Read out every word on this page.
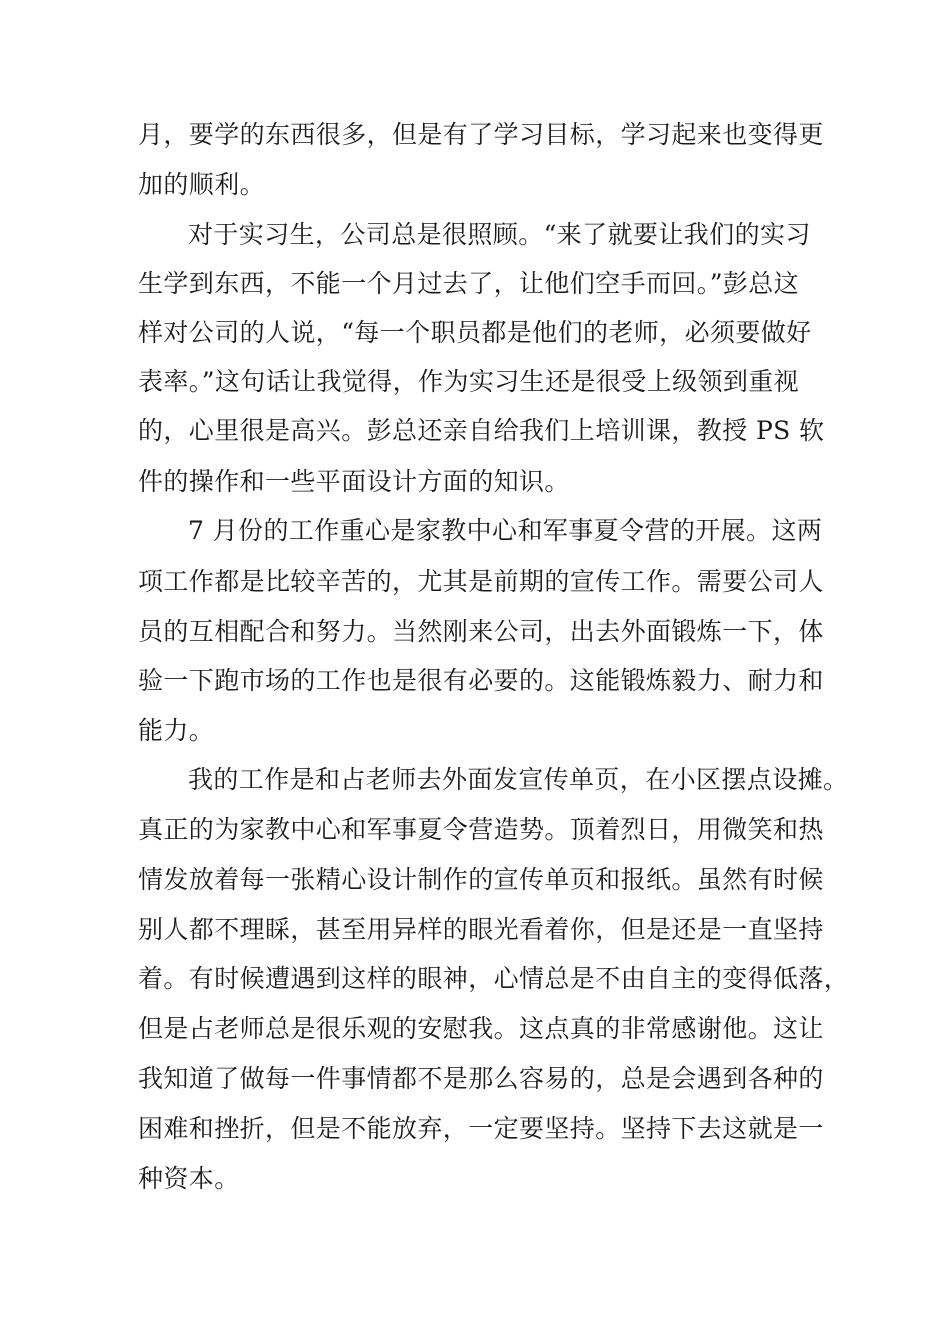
月，要学的东西很多，但是有了学习目标，学习起来也变得更
加的顺利。
对于实习生，公司总是很照顾。“来了就要让我们的实习
生学到东西，不能一个月过去了，让他们空手而回。”彭总这
样对公司的人说，“每一个职员都是他们的老师，必须要做好
表率。”这句话让我觉得，作为实习生还是很受上级领到重视
的，心里很是高兴。彭总还亲自给我们上培训课，教授 PS 软
件的操作和一些平面设计方面的知识。
7 月份的工作重心是家教中心和军事夏令营的开展。这两
项工作都是比较辛苦的，尤其是前期的宣传工作。需要公司人
员的互相配合和努力。当然刚来公司，出去外面锻炼一下，体
验一下跑市场的工作也是很有必要的。这能锻炼毅力、耐力和
能力。
我的工作是和占老师去外面发宣传单页，在小区摆点设摊。
真正的为家教中心和军事夏令营造势。顶着烈日，用微笑和热
情发放着每一张精心设计制作的宣传单页和报纸。虽然有时候
别人都不理睬，甚至用异样的眼光看着你，但是还是一直坚持
着。有时候遭遇到这样的眼神，心情总是不由自主的变得低落，
但是占老师总是很乐观的安慰我。这点真的非常感谢他。这让
我知道了做每一件事情都不是那么容易的，总是会遇到各种的
困难和挫折，但是不能放弃，一定要坚持。坚持下去这就是一
种资本。
